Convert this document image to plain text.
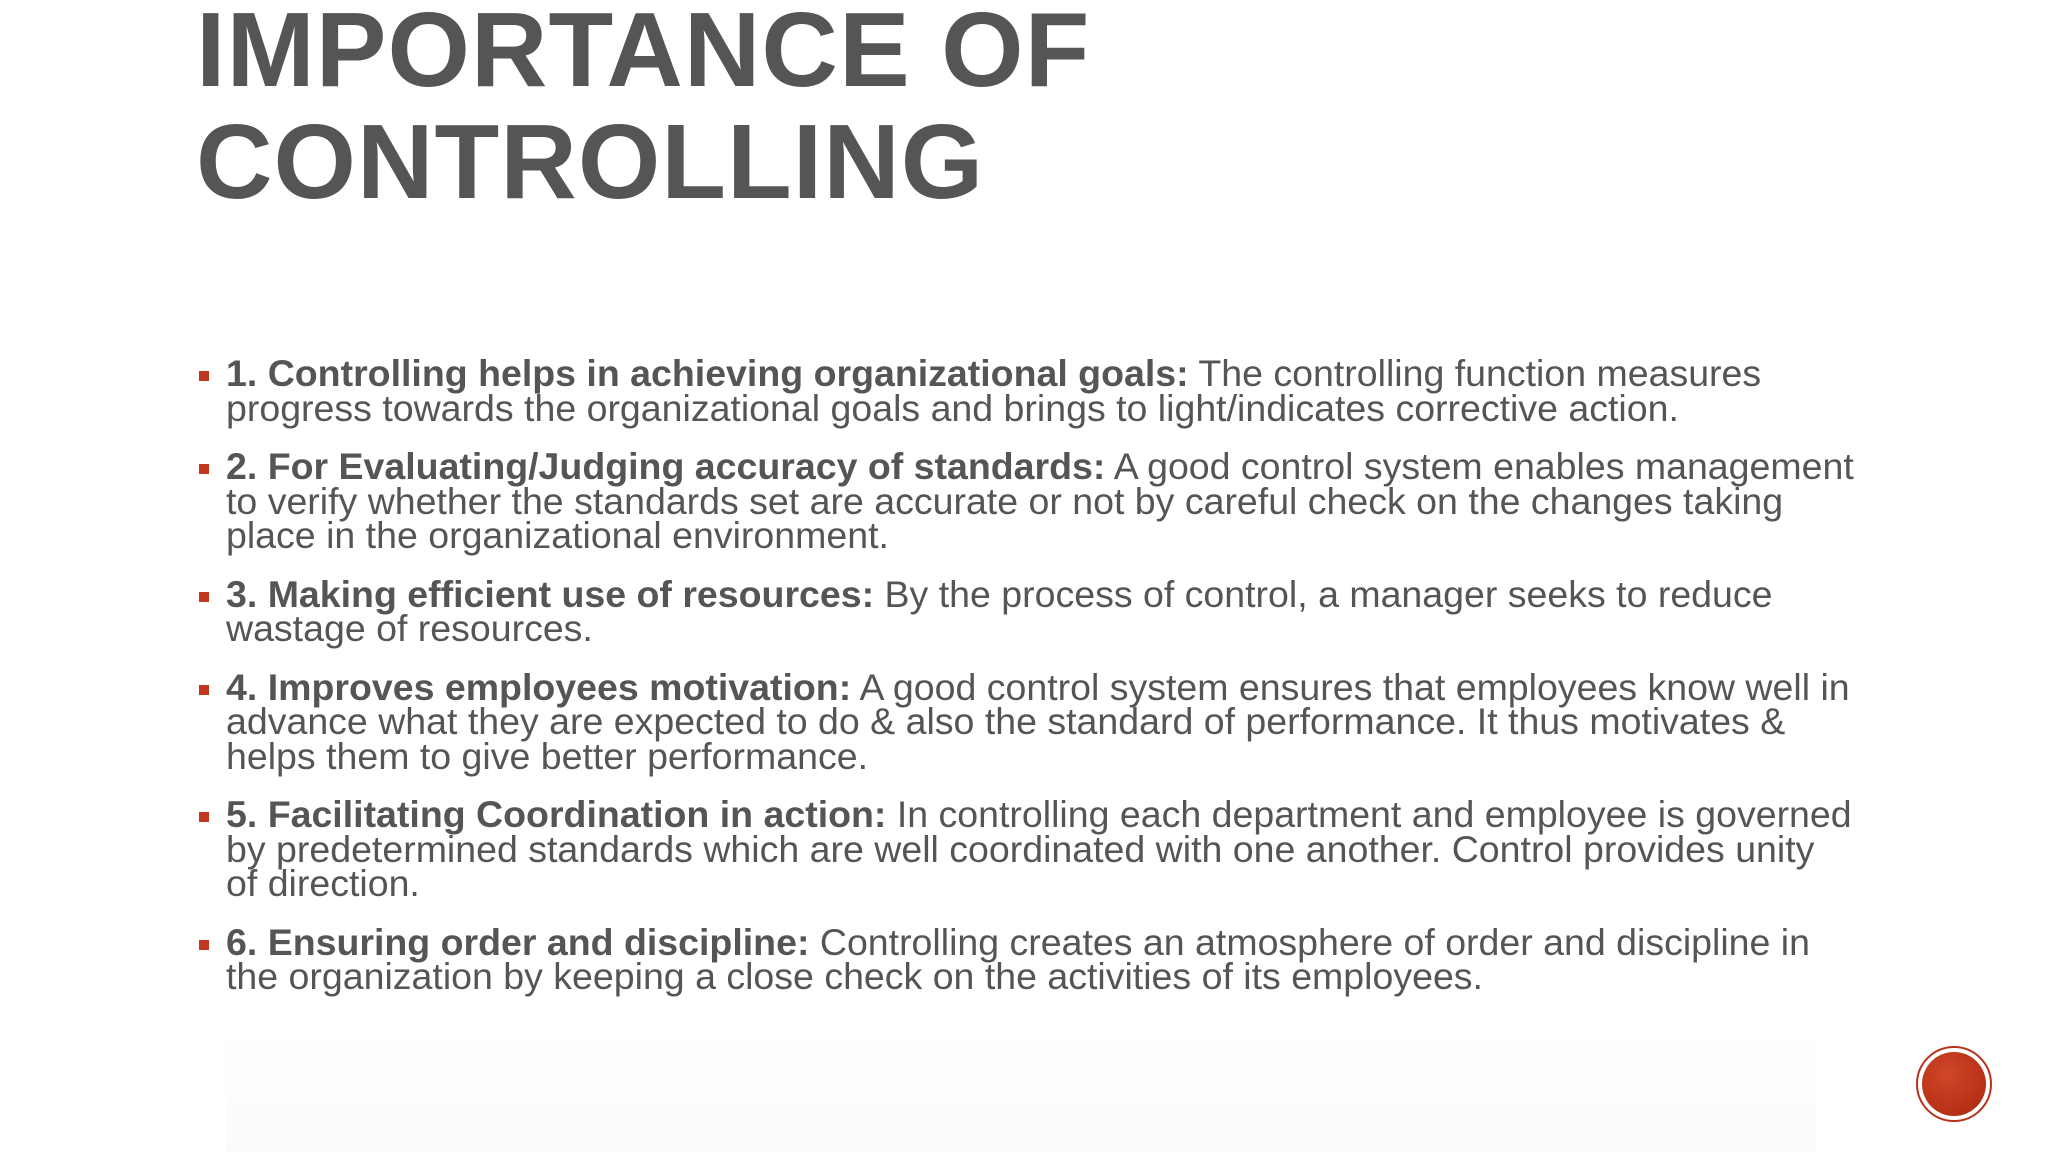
IMPORTANCE OF
CONTROLLING
1. Controlling helps in achieving organizational goals: The controlling function measures progress towards the organizational goals and brings to light/indicates corrective action.
2. For Evaluating/Judging accuracy of standards: A good control system enables management to verify whether the standards set are accurate or not by careful check on the changes taking place in the organizational environment.
3. Making efficient use of resources: By the process of control, a manager seeks to reduce wastage of resources.
4. Improves employees motivation: A good control system ensures that employees know well in advance what they are expected to do & also the standard of performance. It thus motivates & helps them to give better performance.
5. Facilitating Coordination in action: In controlling each department and employee is governed by predetermined standards which are well coordinated with one another. Control provides unity of direction.
6. Ensuring order and discipline: Controlling creates an atmosphere of order and discipline in the organization by keeping a close check on the activities of its employees.
